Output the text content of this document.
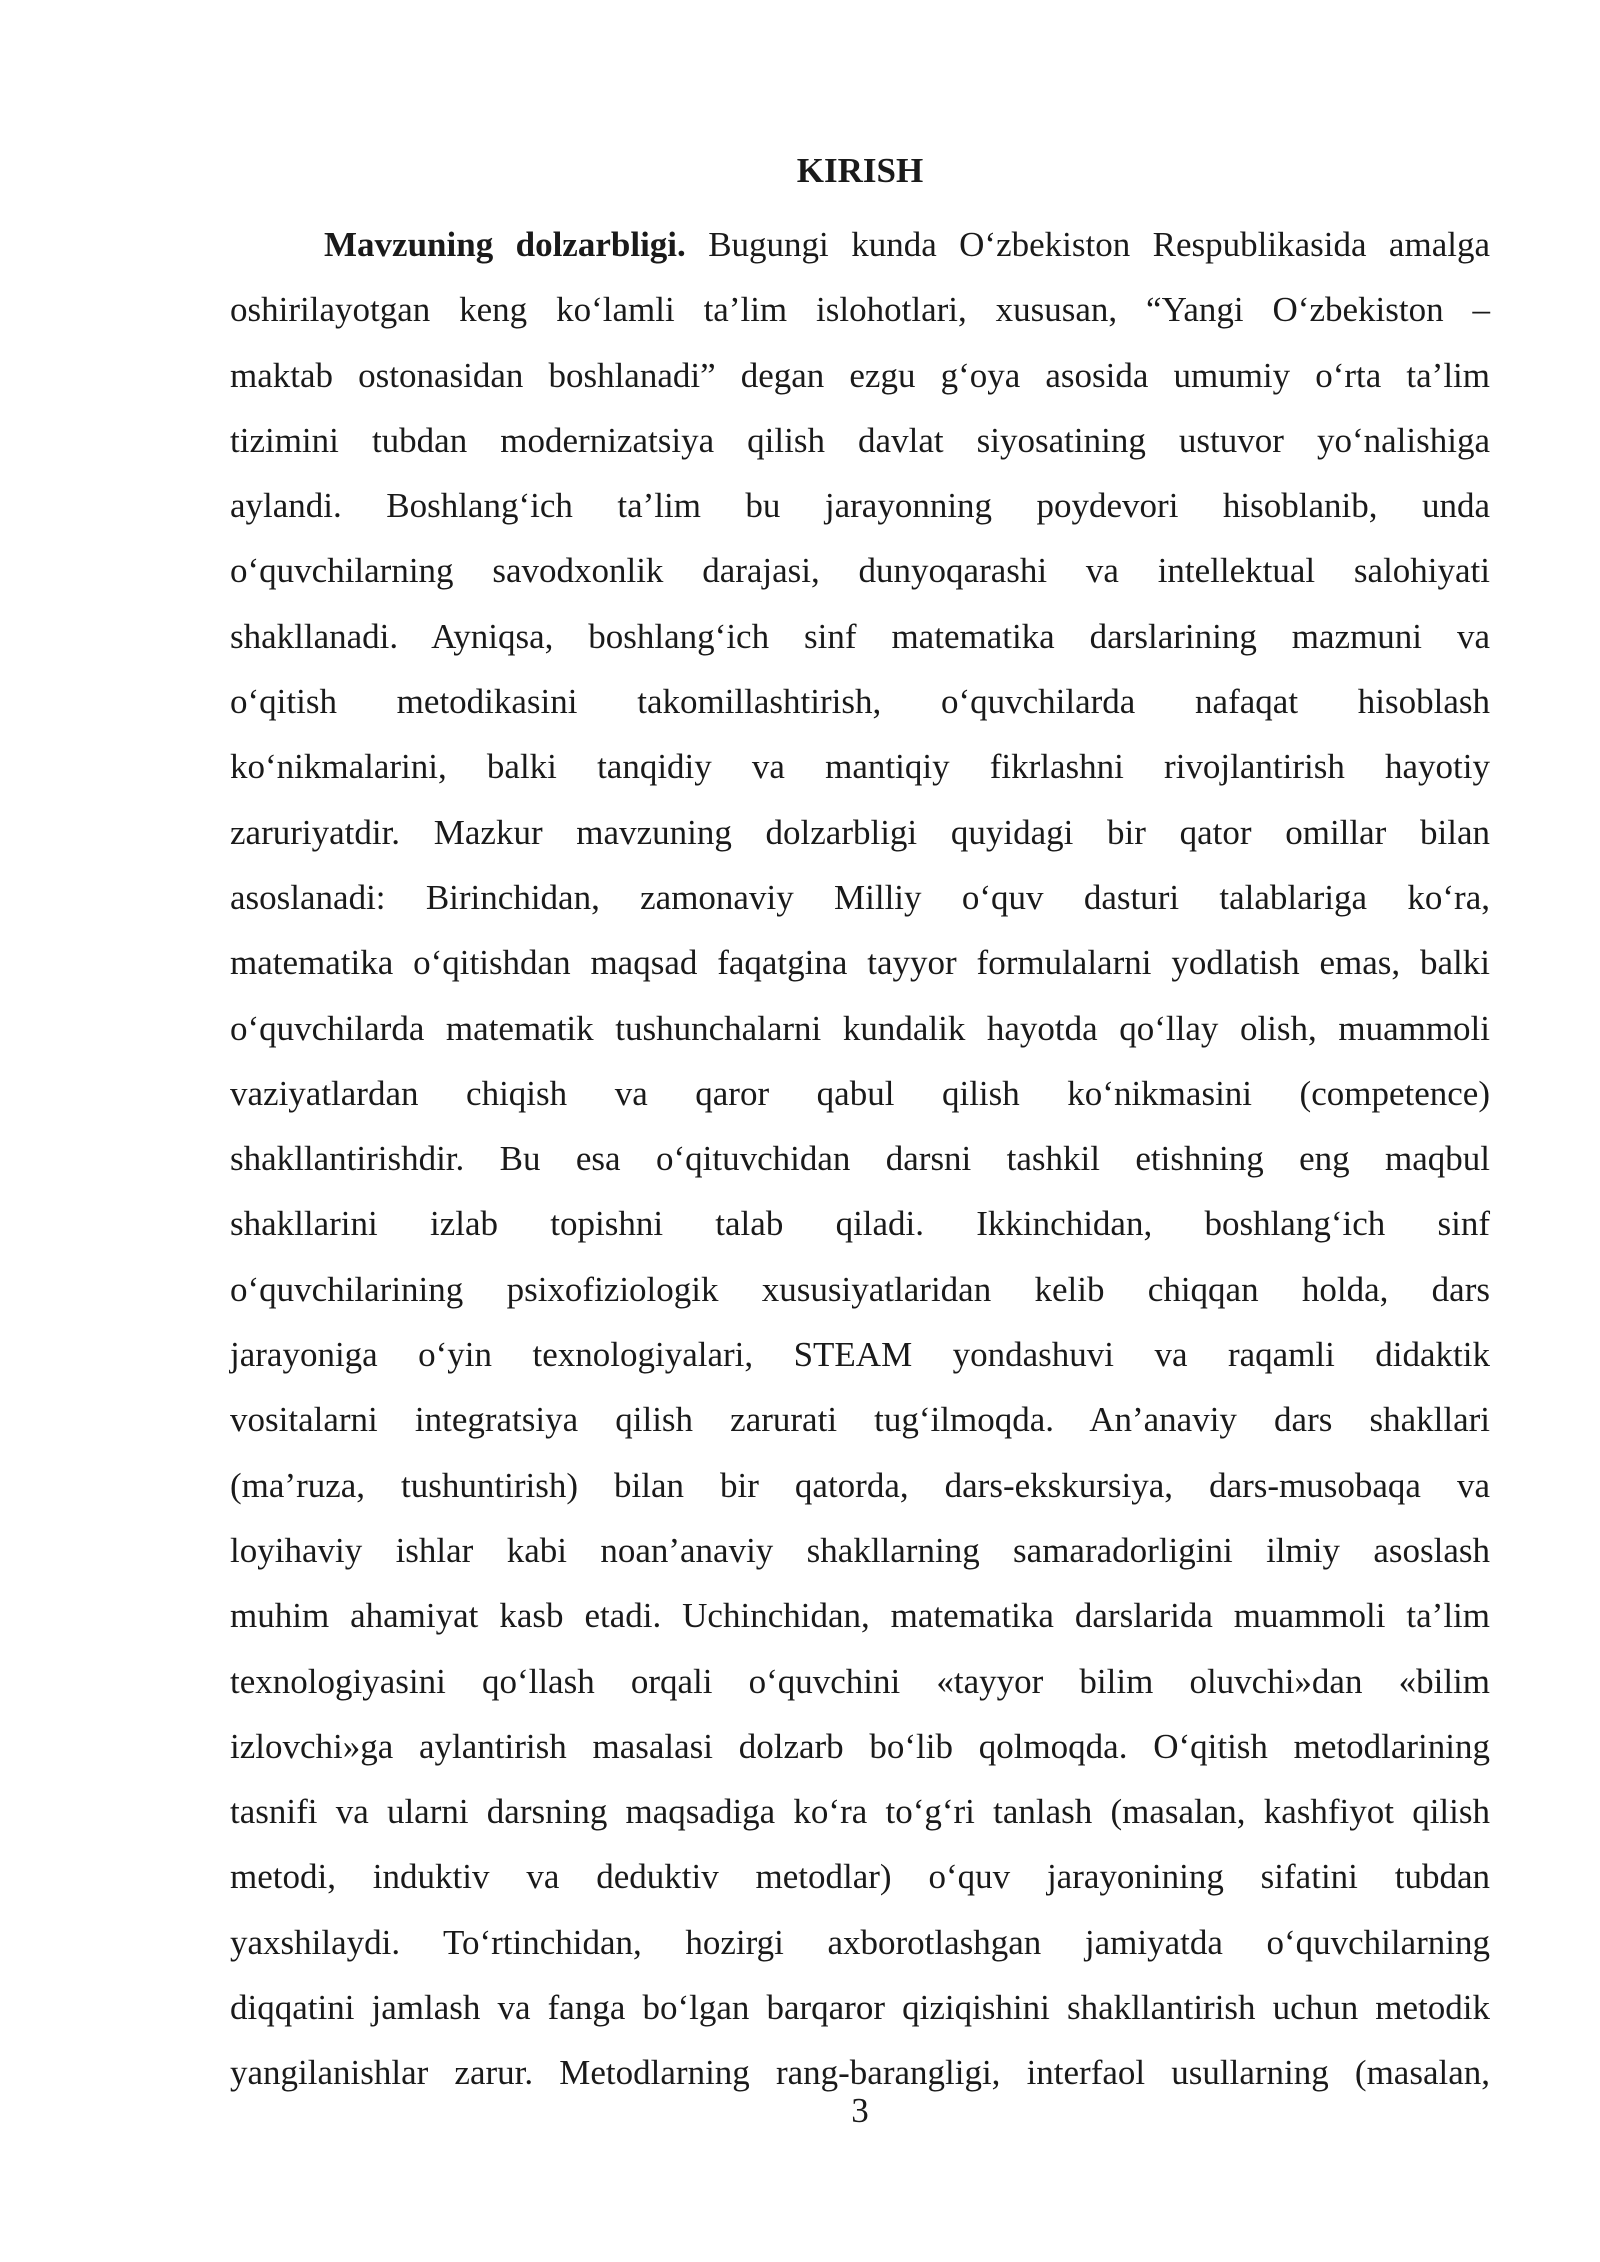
KIRISH
Mavzuning dolzarbligi. Bugungi kunda O‘zbekiston Respublikasida amalga
oshirilayotgan keng ko‘lamli ta’lim islohotlari, xususan, “Yangi O‘zbekiston –
maktab ostonasidan boshlanadi” degan ezgu g‘oya asosida umumiy o‘rta ta’lim
tizimini tubdan modernizatsiya qilish davlat siyosatining ustuvor yo‘nalishiga
aylandi. Boshlang‘ich ta’lim bu jarayonning poydevori hisoblanib, unda
o‘quvchilarning savodxonlik darajasi, dunyoqarashi va intellektual salohiyati
shakllanadi. Ayniqsa, boshlang‘ich sinf matematika darslarining mazmuni va
o‘qitish metodikasini takomillashtirish, o‘quvchilarda nafaqat hisoblash
ko‘nikmalarini, balki tanqidiy va mantiqiy fikrlashni rivojlantirish hayotiy
zaruriyatdir. Mazkur mavzuning dolzarbligi quyidagi bir qator omillar bilan
asoslanadi: Birinchidan, zamonaviy Milliy o‘quv dasturi talablariga ko‘ra,
matematika o‘qitishdan maqsad faqatgina tayyor formulalarni yodlatish emas, balki
o‘quvchilarda matematik tushunchalarni kundalik hayotda qo‘llay olish, muammoli
vaziyatlardan chiqish va qaror qabul qilish ko‘nikmasini (competence)
shakllantirishdir. Bu esa o‘qituvchidan darsni tashkil etishning eng maqbul
shakllarini izlab topishni talab qiladi. Ikkinchidan, boshlang‘ich sinf
o‘quvchilarining psixofiziologik xususiyatlaridan kelib chiqqan holda, dars
jarayoniga o‘yin texnologiyalari, STEAM yondashuvi va raqamli didaktik
vositalarni integratsiya qilish zarurati tug‘ilmoqda. An’anaviy dars shakllari
(ma’ruza, tushuntirish) bilan bir qatorda, dars-ekskursiya, dars-musobaqa va
loyihaviy ishlar kabi noan’anaviy shakllarning samaradorligini ilmiy asoslash
muhim ahamiyat kasb etadi. Uchinchidan, matematika darslarida muammoli ta’lim
texnologiyasini qo‘llash orqali o‘quvchini «tayyor bilim oluvchi»dan «bilim
izlovchi»ga aylantirish masalasi dolzarb bo‘lib qolmoqda. O‘qitish metodlarining
tasnifi va ularni darsning maqsadiga ko‘ra to‘g‘ri tanlash (masalan, kashfiyot qilish
metodi, induktiv va deduktiv metodlar) o‘quv jarayonining sifatini tubdan
yaxshilaydi. To‘rtinchidan, hozirgi axborotlashgan jamiyatda o‘quvchilarning
diqqatini jamlash va fanga bo‘lgan barqaror qiziqishini shakllantirish uchun metodik
yangilanishlar zarur. Metodlarning rang-barangligi, interfaol usullarning (masalan,
3
